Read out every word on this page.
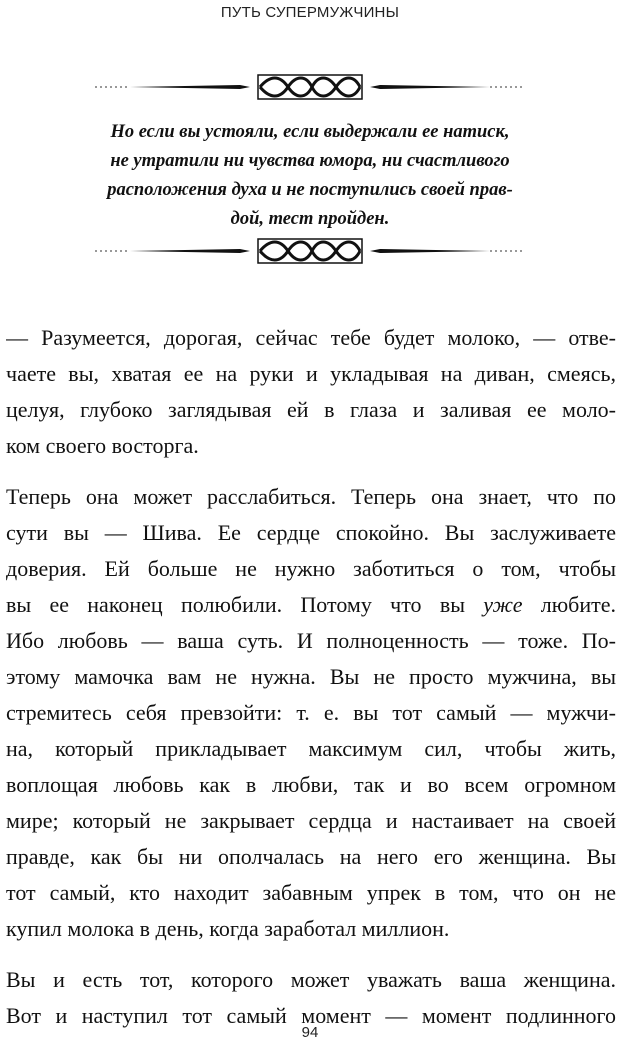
ПУТЬ СУПЕРМУЖЧИНЫ
Но если вы устояли, если выдержали ее натиск,
не утратили ни чувства юмора, ни счастливого
расположения духа и не поступились своей прав-
дой, тест пройден.
— Разумеется, дорогая, сейчас тебе будет молоко, — отве-
чаете вы, хватая ее на руки и укладывая на диван, смеясь,
целуя, глубоко заглядывая ей в глаза и заливая ее моло-
ком своего восторга.
Теперь она может расслабиться. Теперь она знает, что по
сути вы — Шива. Ее сердце спокойно. Вы заслуживаете
доверия. Ей больше не нужно заботиться о том, чтобы
вы ее наконец полюбили. Потому что вы уже любите.
Ибо любовь — ваша суть. И полноценность — тоже. По-
этому мамочка вам не нужна. Вы не просто мужчина, вы
стремитесь себя превзойти: т. е. вы тот самый — мужчи-
на, который прикладывает максимум сил, чтобы жить,
воплощая любовь как в любви, так и во всем огромном
мире; который не закрывает сердца и настаивает на своей
правде, как бы ни ополчалась на него его женщина. Вы
тот самый, кто находит забавным упрек в том, что он не
купил молока в день, когда заработал миллион.
Вы и есть тот, которого может уважать ваша женщина.
Вот и наступил тот самый момент — момент подлинного
94
